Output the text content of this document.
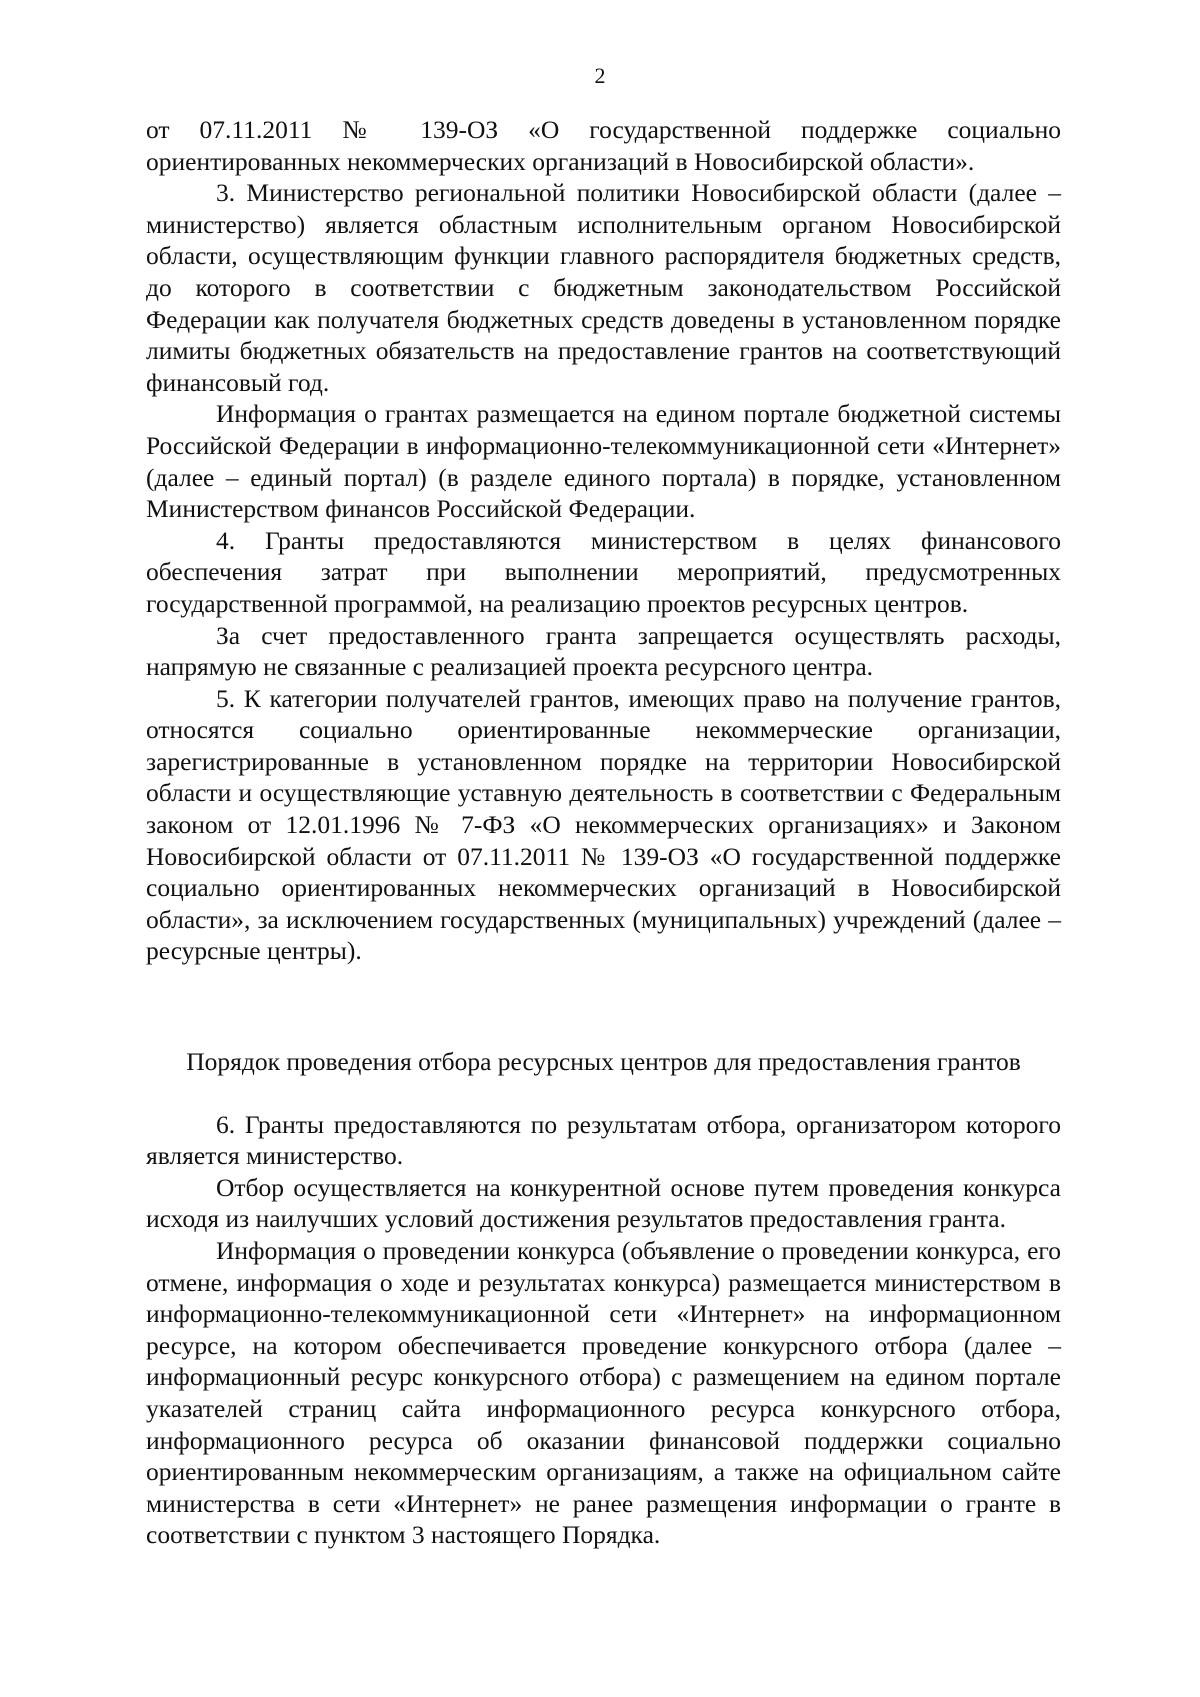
2

от 07.11.2011 № 139-ОЗ «О государственной поддержке социально ориентированных некоммерческих организаций в Новосибирской области».

3. Министерство региональной политики Новосибирской области (далее – министерство) является областным исполнительным органом Новосибирской области, осуществляющим функции главного распорядителя бюджетных средств, до которого в соответствии с бюджетным законодательством Российской Федерации как получателя бюджетных средств доведены в установленном порядке лимиты бюджетных обязательств на предоставление грантов на соответствующий финансовый год.

Информация о грантах размещается на едином портале бюджетной системы Российской Федерации в информационно-телекоммуникационной сети «Интернет» (далее – единый портал) (в разделе единого портала) в порядке, установленном Министерством финансов Российской Федерации.

4. Гранты предоставляются министерством в целях финансового обеспечения затрат при выполнении мероприятий, предусмотренных государственной программой, на реализацию проектов ресурсных центров.

За счет предоставленного гранта запрещается осуществлять расходы, напрямую не связанные с реализацией проекта ресурсного центра.

5. К категории получателей грантов, имеющих право на получение грантов, относятся социально ориентированные некоммерческие организации, зарегистрированные в установленном порядке на территории Новосибирской области и осуществляющие уставную деятельность в соответствии с Федеральным законом от 12.01.1996 № 7-ФЗ «О некоммерческих организациях» и Законом Новосибирской области от 07.11.2011 № 139-ОЗ «О государственной поддержке социально ориентированных некоммерческих организаций в Новосибирской области», за исключением государственных (муниципальных) учреждений (далее – ресурсные центры).

Порядок проведения отбора ресурсных центров для предоставления грантов

6. Гранты предоставляются по результатам отбора, организатором которого является министерство.

Отбор осуществляется на конкурентной основе путем проведения конкурса исходя из наилучших условий достижения результатов предоставления гранта.

Информация о проведении конкурса (объявление о проведении конкурса, его отмене, информация о ходе и результатах конкурса) размещается министерством в информационно-телекоммуникационной сети «Интернет» на информационном ресурсе, на котором обеспечивается проведение конкурсного отбора (далее – информационный ресурс конкурсного отбора) с размещением на едином портале указателей страниц сайта информационного ресурса конкурсного отбора, информационного ресурса об оказании финансовой поддержки социально ориентированным некоммерческим организациям, а также на официальном сайте министерства в сети «Интернет» не ранее размещения информации о гранте в соответствии с пунктом 3 настоящего Порядка.
